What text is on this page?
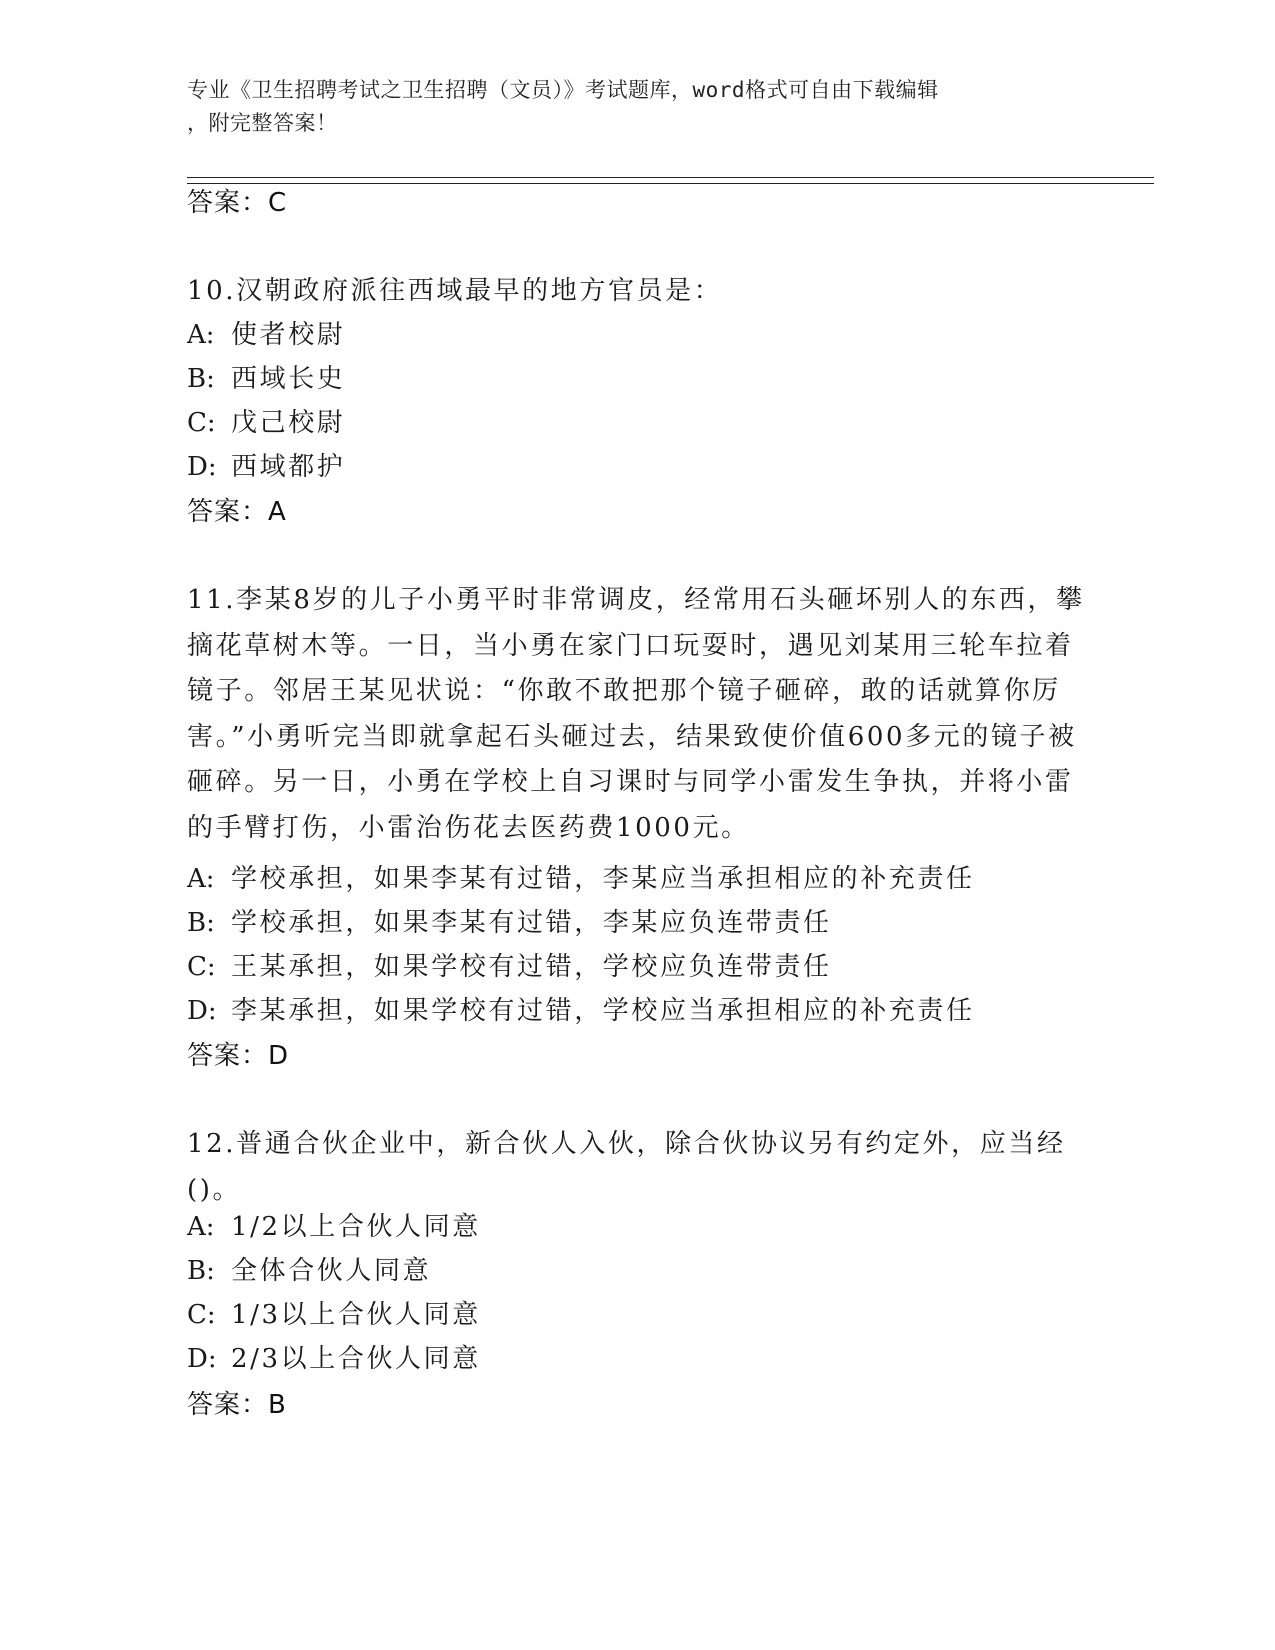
专业《卫生招聘考试之卫生招聘（文员）》考试题库，word格式可自由下载编辑
，附完整答案！
答案：C
10.汉朝政府派往西域最早的地方官员是：
A: 使者校尉
B: 西域长史
C: 戊己校尉
D: 西域都护
答案：A
11.李某8岁的儿子小勇平时非常调皮，经常用石头砸坏别人的东西，攀摘花草树木等。一日，当小勇在家门口玩耍时，遇见刘某用三轮车拉着镜子。邻居王某见状说：“你敢不敢把那个镜子砸碎，敢的话就算你厉害。”小勇听完当即就拿起石头砸过去，结果致使价值600多元的镜子被砸碎。另一日，小勇在学校上自习课时与同学小雷发生争执，并将小雷的手臂打伤，小雷治伤花去医药费1000元。
A: 学校承担，如果李某有过错，李某应当承担相应的补充责任
B: 学校承担，如果李某有过错，李某应负连带责任
C: 王某承担，如果学校有过错，学校应负连带责任
D: 李某承担，如果学校有过错，学校应当承担相应的补充责任
答案：D
12.普通合伙企业中，新合伙人入伙，除合伙协议另有约定外，应当经()。
A: 1/2以上合伙人同意
B: 全体合伙人同意
C: 1/3以上合伙人同意
D: 2/3以上合伙人同意
答案：B
